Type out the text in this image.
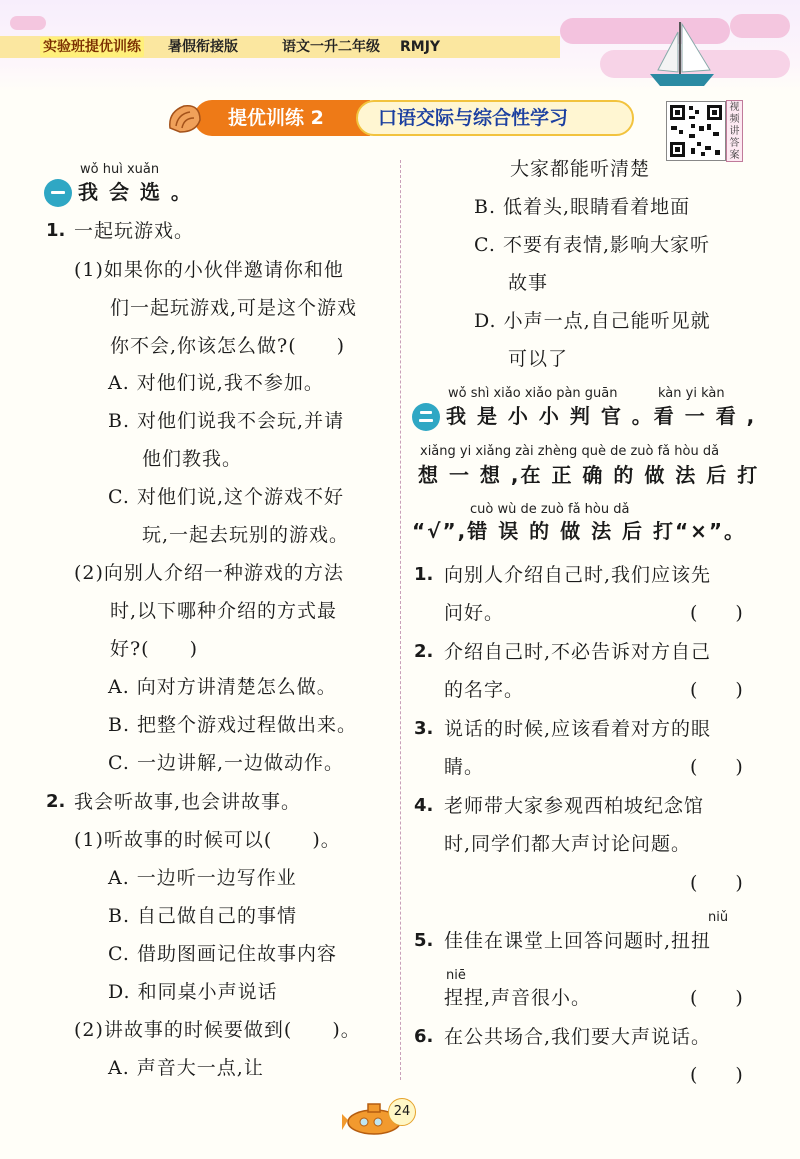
实验班提优训练 暑假衔接版	语文一升二年级 RMJY
提优训练 2	口语交际与综合性学习	视频讲答案
wǒ huì xuǎn
我 会 选 。
1. 一起玩游戏。
(1)如果你的小伙伴邀请你和他
们一起玩游戏,可是这个游戏
你不会,你该怎么做?(　　)
A. 对他们说,我不参加。
B. 对他们说我不会玩,并请
他们教我。
C. 对他们说,这个游戏不好
玩,一起去玩别的游戏。
(2)向别人介绍一种游戏的方法
时,以下哪种介绍的方式最
好?(　　)
A. 向对方讲清楚怎么做。
B. 把整个游戏过程做出来。
C. 一边讲解,一边做动作。
2. 我会听故事,也会讲故事。
(1)听故事的时候可以(　　)。
A. 一边听一边写作业
B. 自己做自己的事情
C. 借助图画记住故事内容
D. 和同桌小声说话
(2)讲故事的时候要做到(　　)。
A. 声音大一点,让
大家都能听清楚
B. 低着头,眼睛看着地面
C. 不要有表情,影响大家听
故事
D. 小声一点,自己能听见就
可以了
wǒ shì xiǎo xiǎo pàn guān	kàn yi kàn
我 是 小 小 判 官 。看 一 看 ,
xiǎng yi xiǎng zài zhèng què de zuò fǎ hòu dǎ
想 一 想 ,在 正 确 的 做 法 后 打
cuò wù de zuò fǎ hòu dǎ
“√”,错 误 的 做 法 后 打“×”。
1. 向别人介绍自己时,我们应该先
问好。	(　　)
2. 介绍自己时,不必告诉对方自己
的名字。	(　　)
3. 说话的时候,应该看着对方的眼
睛。	(　　)
4. 老师带大家参观西柏坡纪念馆
时,同学们都大声讨论问题。
(　　)
niǔ
5. 佳佳在课堂上回答问题时,扭扭
niē
捏捏,声音很小。	(　　)
6. 在公共场合,我们要大声说话。
(　　)
24
